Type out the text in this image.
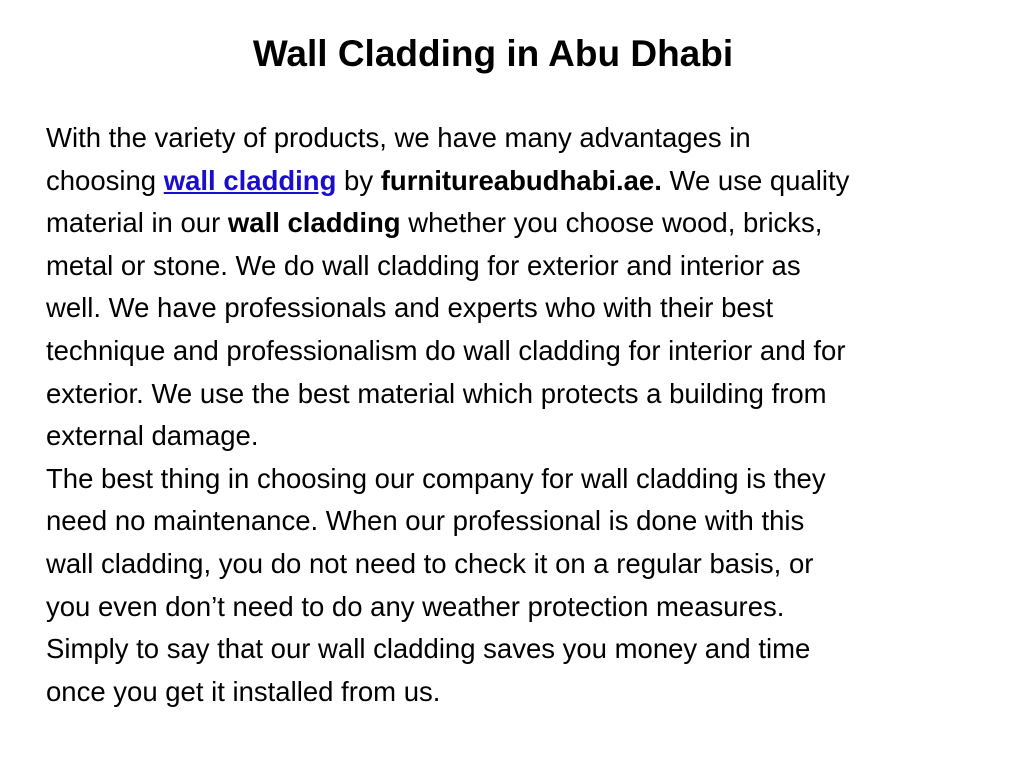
Wall Cladding in Abu Dhabi
With the variety of products, we have many advantages in
choosing wall cladding by furnitureabudhabi.ae. We use quality
material in our wall cladding whether you choose wood, bricks,
metal or stone. We do wall cladding for exterior and interior as
well. We have professionals and experts who with their best
technique and professionalism do wall cladding for interior and for
exterior. We use the best material which protects a building from
external damage.
The best thing in choosing our company for wall cladding is they
need no maintenance. When our professional is done with this
wall cladding, you do not need to check it on a regular basis, or
you even don’t need to do any weather protection measures.
Simply to say that our wall cladding saves you money and time
once you get it installed from us.
